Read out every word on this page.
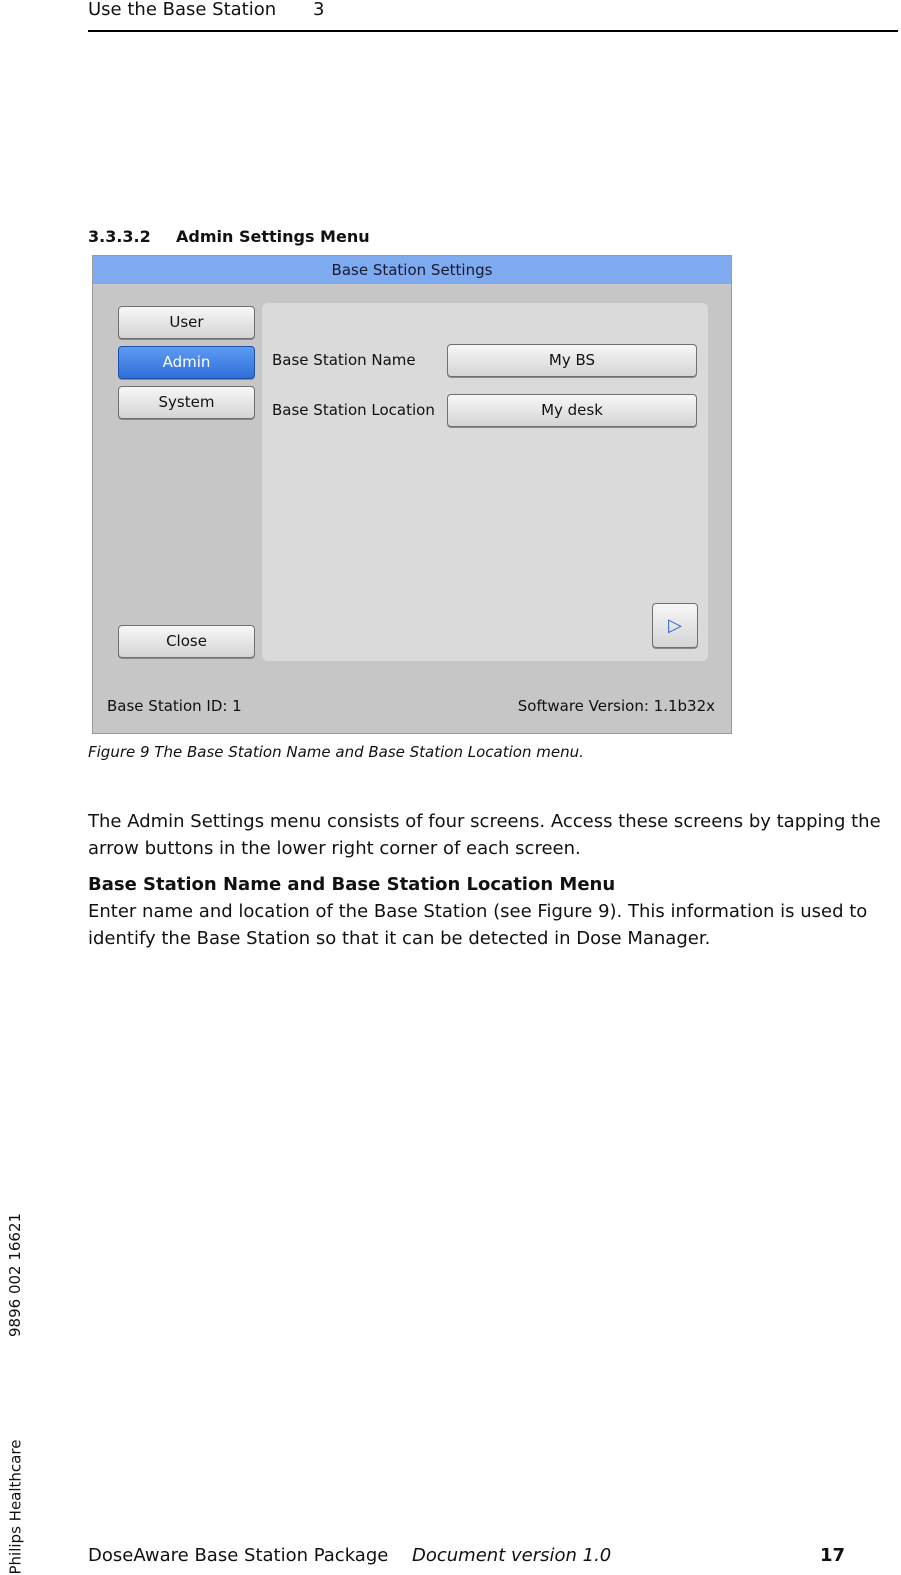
Use the Base Station 3
3.3.3.2 Admin Settings Menu
Base Station Settings
User
Admin
System
Close
Base Station Name	My BS
Base Station Location	My desk
▷
Base Station ID: 1	Software Version: 1.1b32x
Figure 9 The Base Station Name and Base Station Location menu.
The Admin Settings menu consists of four screens. Access these screens by tapping the arrow buttons in the lower right corner of each screen.
Base Station Name and Base Station Location Menu
Enter name and location of the Base Station (see Figure 9). This information is used to identify the Base Station so that it can be detected in Dose Manager.
Philips Healthcare
9896 002 16621
DoseAware Base Station Package Document version 1.0	17
